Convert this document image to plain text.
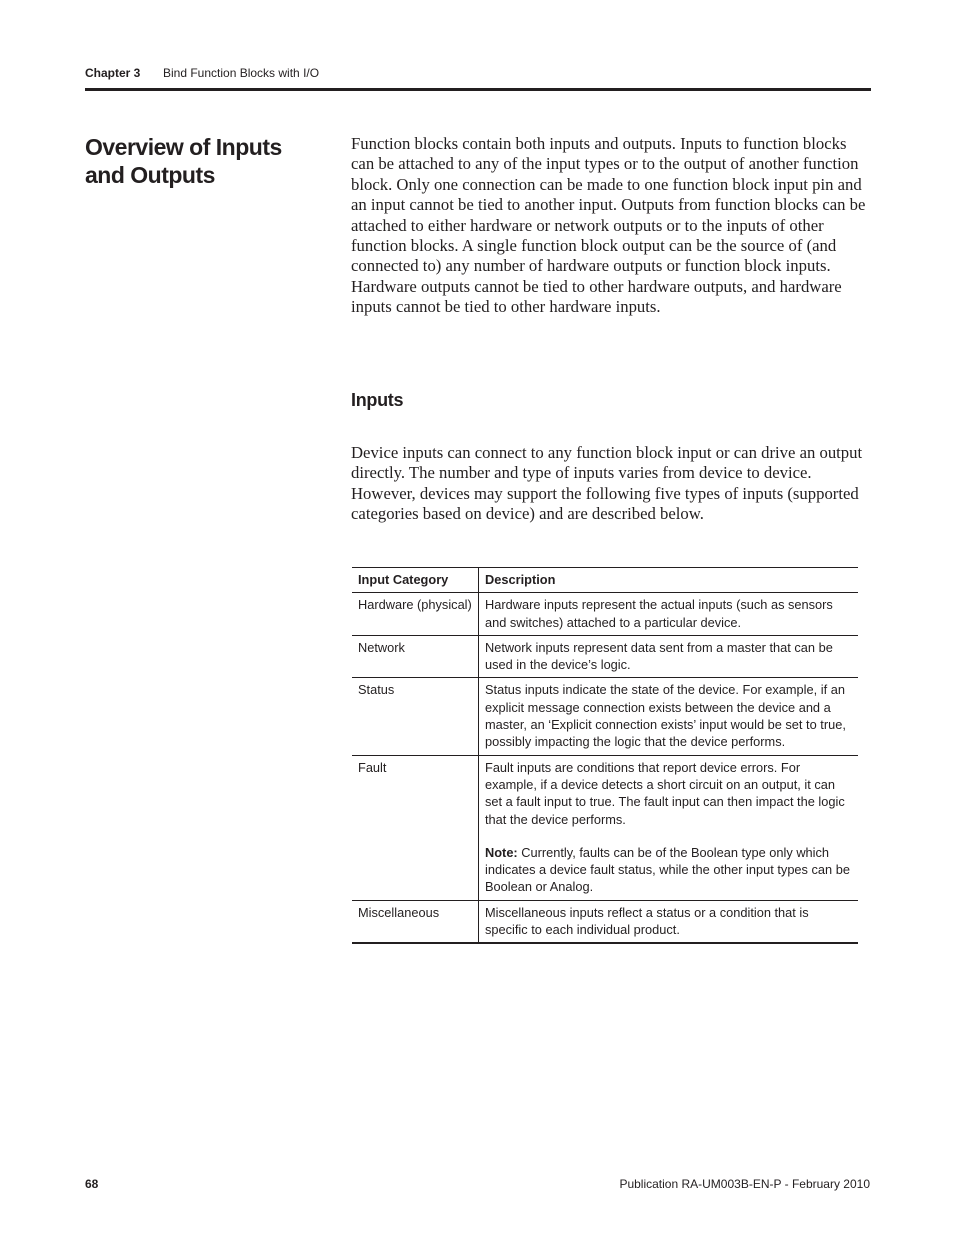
Chapter 3 Bind Function Blocks with I/O
Overview of Inputs and Outputs

Function blocks contain both inputs and outputs. Inputs to function blocks can be attached to any of the input types or to the output of another function block. Only one connection can be made to one function block input pin and an input cannot be tied to another input. Outputs from function blocks can be attached to either hardware or network outputs or to the inputs of other function blocks. A single function block output can be the source of (and connected to) any number of hardware outputs or function block inputs. Hardware outputs cannot be tied to other hardware outputs, and hardware inputs cannot be tied to other hardware inputs.

Inputs

Device inputs can connect to any function block input or can drive an output directly. The number and type of inputs varies from device to device. However, devices may support the following five types of inputs (supported categories based on device) and are described below.

Input Category	Description
Hardware (physical)	Hardware inputs represent the actual inputs (such as sensors and switches) attached to a particular device.
Network	Network inputs represent data sent from a master that can be used in the device’s logic.
Status	Status inputs indicate the state of the device. For example, if an explicit message connection exists between the device and a master, an ‘Explicit connection exists’ input would be set to true, possibly impacting the logic that the device performs.
Fault	Fault inputs are conditions that report device errors. For example, if a device detects a short circuit on an output, it can set a fault input to true. The fault input can then impact the logic that the device performs.
Note: Currently, faults can be of the Boolean type only which indicates a device fault status, while the other input types can be Boolean or Analog.

Miscellaneous	Miscellaneous inputs reflect a status or a condition that is specific to each individual product.
68	Publication RA-UM003B-EN-P - February 2010
